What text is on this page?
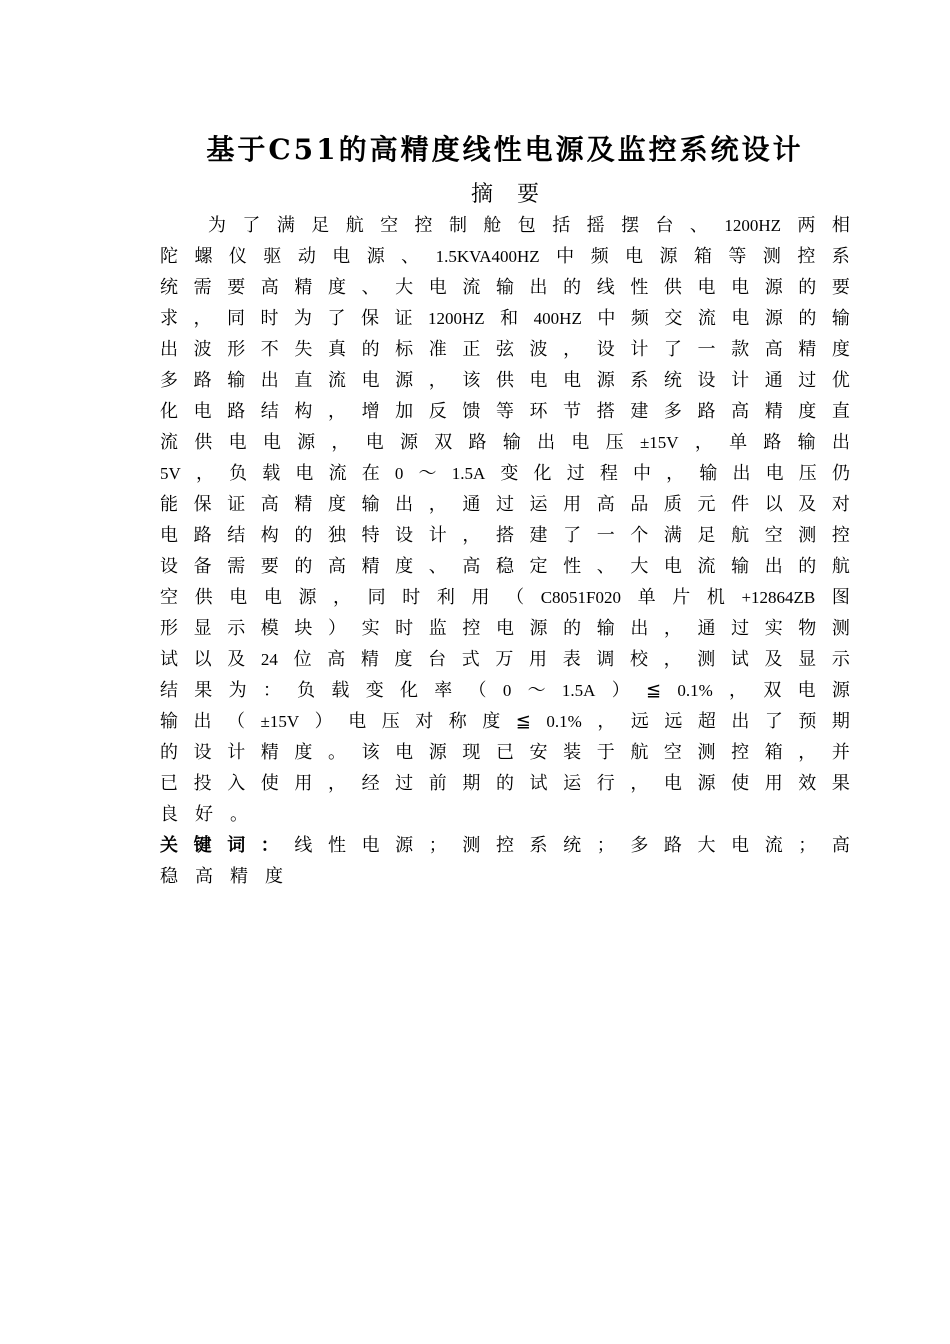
基于C51的高精度线性电源及监控系统设计
摘要
为 了 满 足 航 空 控 制 舱 包 括 摇 摆 台 、 1200HZ 两 相
陀 螺 仪 驱 动 电 源 、 1.5KVA400HZ 中 频 电 源 箱 等 测 控 系
统 需 要 高 精 度 、 大 电 流 输 出 的 线 性 供 电 电 源 的 要
求 ， 同 时 为 了 保 证 1200HZ 和 400HZ 中 频 交 流 电 源 的 输
出 波 形 不 失 真 的 标 准 正 弦 波 ， 设 计 了 一 款 高 精 度
多 路 输 出 直 流 电 源 ， 该 供 电 电 源 系 统 设 计 通 过 优
化 电 路 结 构 ， 增 加 反 馈 等 环 节 搭 建 多 路 高 精 度 直
流 供 电 电 源 ， 电 源 双 路 输 出 电 压 ±15V ， 单 路 输 出
5V ， 负 载 电 流 在 0 ～ 1.5A 变 化 过 程 中 ， 输 出 电 压 仍
能 保 证 高 精 度 输 出 ， 通 过 运 用 高 品 质 元 件 以 及 对
电 路 结 构 的 独 特 设 计 ， 搭 建 了 一 个 满 足 航 空 测 控
设 备 需 要 的 高 精 度 、 高 稳 定 性 、 大 电 流 输 出 的 航
空 供 电 电 源 ， 同 时 利 用 （ C8051F020 单 片 机 +12864ZB 图
形 显 示 模 块 ） 实 时 监 控 电 源 的 输 出 ， 通 过 实 物 测
试 以 及 24 位 高 精 度 台 式 万 用 表 调 校 ， 测 试 及 显 示
结 果 为 ： 负 载 变 化 率 （ 0 ～ 1.5A ） ≦ 0.1% ， 双 电 源
输 出 （ ±15V ） 电 压 对 称 度 ≦ 0.1% ， 远 远 超 出 了 预 期
的 设 计 精 度 。 该 电 源 现 已 安 装 于 航 空 测 控 箱 ， 并
已 投 入 使 用 ， 经 过 前 期 的 试 运 行 ， 电 源 使 用 效 果
良 好 。
关 键 词 ： 线 性 电 源 ； 测 控 系 统 ； 多 路 大 电 流 ； 高
稳 高 精 度
